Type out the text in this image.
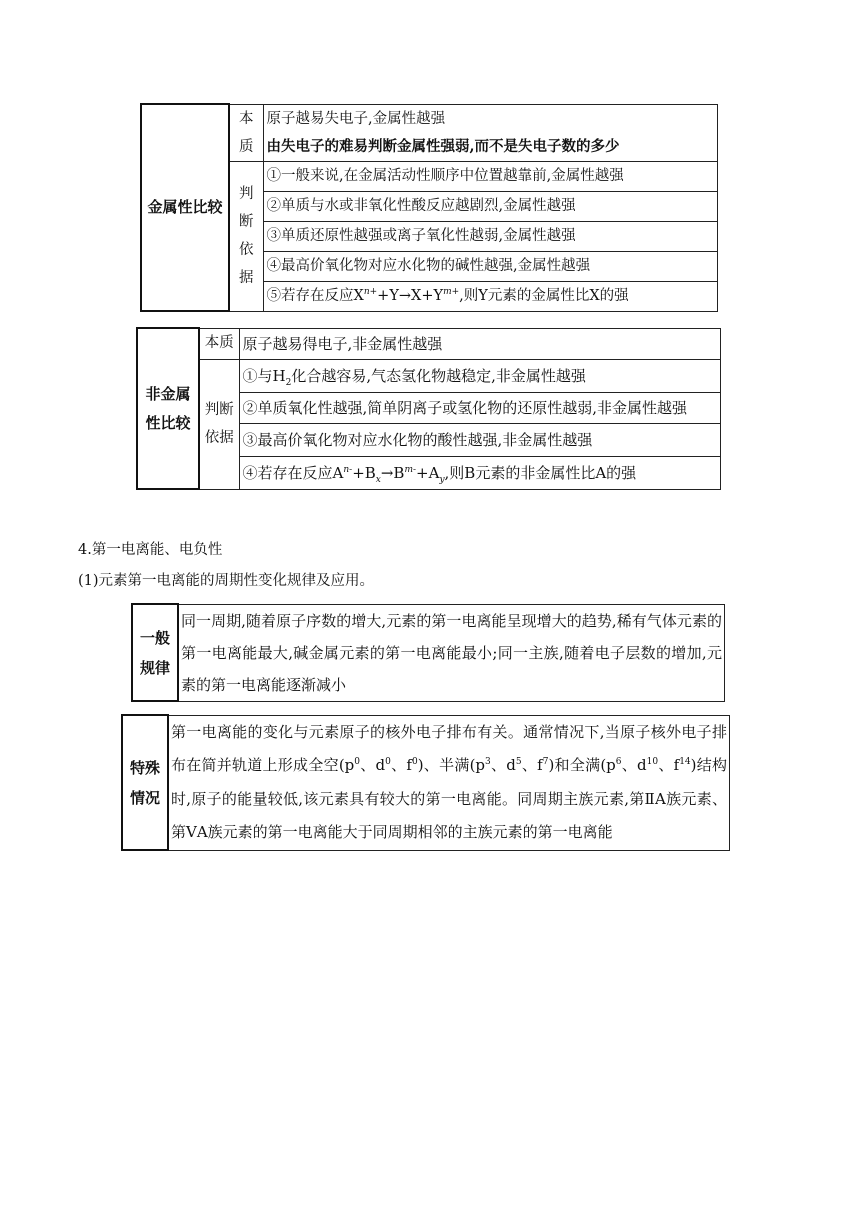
金属性比较	本质	原子越易失电子,金属性越强
由失电子的难易判断金属性强弱,而不是失电子数的多少

	判断依据	①一般来说,在金属活动性顺序中位置越靠前,金属性越强
		②单质与水或非氧化性酸反应越剧烈,金属性越强
		③单质还原性越强或离子氧化性越弱,金属性越强
		④最高价氧化物对应水化物的碱性越强,金属性越强
		⑤若存在反应$X^{n+}+Y\to X+Y^{m+}$,则Y元素的金属性比X的强
非金属性比较	本质	原子越易得电子,非金属性越强
	判断依据	①与$H_2$化合越容易,气态氢化物越稳定,非金属性越强
		②单质氧化性越强,简单阴离子或氢化物的还原性越弱,非金属性越强

		③最高价氧化物对应水化物的酸性越强,非金属性越强
		④若存在反应$A^{n-}+B_x\to B^{m-}+A_y$,则B元素的非金属性比A的强
4.第一电离能、电负性
(1)元素第一电离能的周期性变化规律及应用。
一般规律	同一周期,随着原子序数的增大,元素的第一电离能呈现增大的趋势,稀有气体元素的第一电离能最大,碱金属元素的第一电离能最小;同一主族,随着电子层数的增加,元素的第一电离能逐渐减小
特殊情况	第一电离能的变化与元素原子的核外电子排布有关。通常情况下,当原子核外电子排布在简并轨道上形成全空($p^0$、$d^0$、$f^0$)、半满($p^3$、$d^5$、$f^7$)和全满($p^6$、$d^{10}$、$f^{14}$)结构时,原子的能量较低,该元素具有较大的第一电离能。同周期主族元素,第ⅡA族元素、第ⅤA族元素的第一电离能大于同周期相邻的主族元素的第一电离能
